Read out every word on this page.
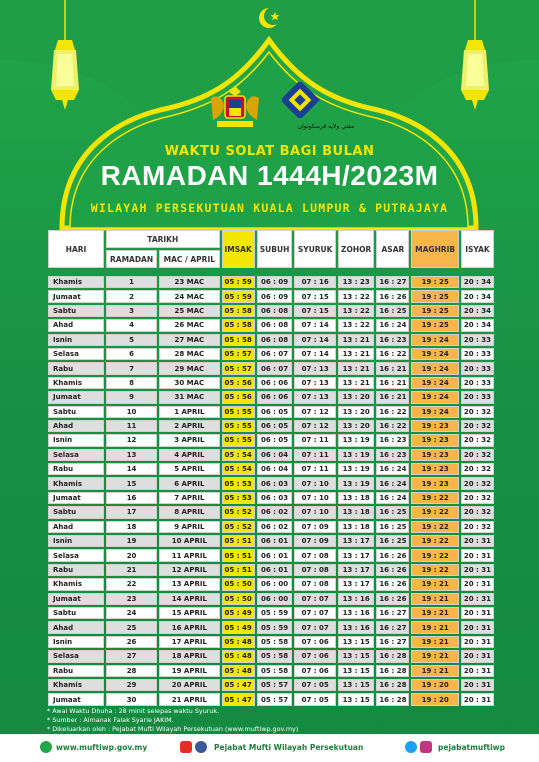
ﻣﻔﺘﻲ ﻭﻻﻳﻪ ﭬﺮﺳﻜﻮﺗﻮﺍﻥ
WAKTU SOLAT BAGI BULAN
RAMADAN 1444H/2023M
WILAYAH PERSEKUTUAN KUALA LUMPUR & PUTRAJAYA
HARI	TARIKH		IMSAK	SUBUH	SYURUK	ZOHOR	ASAR	MAGHRIB	ISYAK
	RAMADAN	MAC / APRIL							

Khamis	1	23 MAC	05 : 59	06 : 09	07 : 16	13 : 23	16 : 27	19 : 25	20 : 34
Jumaat	2	24 MAC	05 : 59	06 : 09	07 : 15	13 : 22	16 : 26	19 : 25	20 : 34
Sabtu	3	25 MAC	05 : 58	06 : 08	07 : 15	13 : 22	16 : 25	19 : 25	20 : 34
Ahad	4	26 MAC	05 : 58	06 : 08	07 : 14	13 : 22	16 : 24	19 : 25	20 : 34
Isnin	5	27 MAC	05 : 58	06 : 08	07 : 14	13 : 21	16 : 23	19 : 24	20 : 33
Selasa	6	28 MAC	05 : 57	06 : 07	07 : 14	13 : 21	16 : 22	19 : 24	20 : 33
Rabu	7	29 MAC	05 : 57	06 : 07	07 : 13	13 : 21	16 : 21	19 : 24	20 : 33
Khamis	8	30 MAC	05 : 56	06 : 06	07 : 13	13 : 21	16 : 21	19 : 24	20 : 33
Jumaat	9	31 MAC	05 : 56	06 : 06	07 : 13	13 : 20	16 : 21	19 : 24	20 : 33
Sabtu	10	1 APRIL	05 : 55	06 : 05	07 : 12	13 : 20	16 : 22	19 : 24	20 : 32
Ahad	11	2 APRIL	05 : 55	06 : 05	07 : 12	13 : 20	16 : 22	19 : 23	20 : 32
Isnin	12	3 APRIL	05 : 55	06 : 05	07 : 11	13 : 19	16 : 23	19 : 23	20 : 32
Selasa	13	4 APRIL	05 : 54	06 : 04	07 : 11	13 : 19	16 : 23	19 : 23	20 : 32
Rabu	14	5 APRIL	05 : 54	06 : 04	07 : 11	13 : 19	16 : 24	19 : 23	20 : 32
Khamis	15	6 APRIL	05 : 53	06 : 03	07 : 10	13 : 19	16 : 24	19 : 23	20 : 32
Jumaat	16	7 APRIL	05 : 53	06 : 03	07 : 10	13 : 18	16 : 24	19 : 22	20 : 32
Sabtu	17	8 APRIL	05 : 52	06 : 02	07 : 10	13 : 18	16 : 25	19 : 22	20 : 32
Ahad	18	9 APRIL	05 : 52	06 : 02	07 : 09	13 : 18	16 : 25	19 : 22	20 : 32
Isnin	19	10 APRIL	05 : 51	06 : 01	07 : 09	13 : 17	16 : 25	19 : 22	20 : 31
Selasa	20	11 APRIL	05 : 51	06 : 01	07 : 08	13 : 17	16 : 26	19 : 22	20 : 31
Rabu	21	12 APRIL	05 : 51	06 : 01	07 : 08	13 : 17	16 : 26	19 : 22	20 : 31
Khamis	22	13 APRIL	05 : 50	06 : 00	07 : 08	13 : 17	16 : 26	19 : 21	20 : 31
Jumaat	23	14 APRIL	05 : 50	06 : 00	07 : 07	13 : 16	16 : 26	19 : 21	20 : 31
Sabtu	24	15 APRIL	05 : 49	05 : 59	07 : 07	13 : 16	16 : 27	19 : 21	20 : 31
Ahad	25	16 APRIL	05 : 49	05 : 59	07 : 07	13 : 16	16 : 27	19 : 21	20 : 31
Isnin	26	17 APRIL	05 : 48	05 : 58	07 : 06	13 : 15	16 : 27	19 : 21	20 : 31
Selasa	27	18 APRIL	05 : 48	05 : 58	07 : 06	13 : 15	16 : 28	19 : 21	20 : 31
Rabu	28	19 APRIL	05 : 48	05 : 58	07 : 06	13 : 15	16 : 28	19 : 21	20 : 31
Khamis	29	20 APRIL	05 : 47	05 : 57	07 : 05	13 : 15	16 : 28	19 : 20	20 : 31
Jumaat	30	21 APRIL	05 : 47	05 : 57	07 : 05	13 : 15	16 : 28	19 : 20	20 : 31
* Awal Waktu Dhuha : 28 minit selepas waktu Syuruk.
* Sumber : Almanak Falak Syarie JAKIM.
* Dikeluarkan oleh : Pejabat Mufti Wilayah Persekutuan (www.muftiwp.gov.my)
www.muftiwp.gov.my	Pejabat Mufti Wilayah Persekutuan	pejabatmuftiwp
